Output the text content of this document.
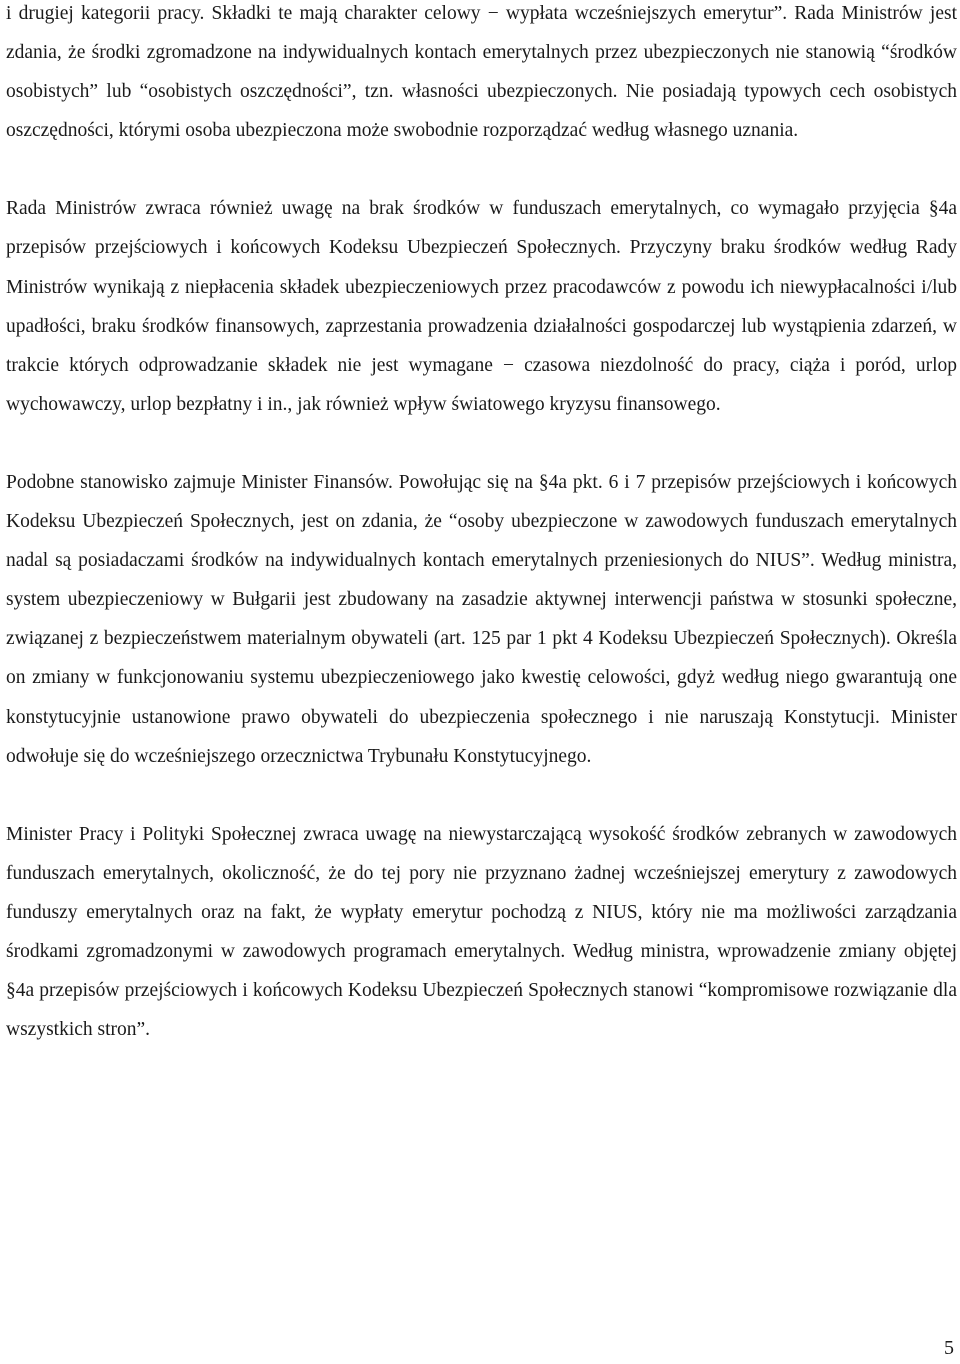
i drugiej kategorii pracy. Składki te mają charakter celowy − wypłata wcześniejszych emerytur”. Rada Ministrów jest zdania, że środki zgromadzone na indywidualnych kontach emerytalnych przez ubezpieczonych nie stanowią “środków osobistych” lub “osobistych oszczędności”, tzn. własności ubezpieczonych. Nie posiadają typowych cech osobistych oszczędności, którymi osoba ubezpieczona może swobodnie rozporządzać według własnego uznania.

Rada Ministrów zwraca również uwagę na brak środków w funduszach emerytalnych, co wymagało przyjęcia §4a przepisów przejściowych i końcowych Kodeksu Ubezpieczeń Społecznych. Przyczyny braku środków według Rady Ministrów wynikają z niepłacenia składek ubezpieczeniowych przez pracodawców z powodu ich niewypłacalności i/lub upadłości, braku środków finansowych, zaprzestania prowadzenia działalności gospodarczej lub wystąpienia zdarzeń, w trakcie których odprowadzanie składek nie jest wymagane − czasowa niezdolność do pracy, ciąża i poród, urlop wychowawczy, urlop bezpłatny i in., jak również wpływ światowego kryzysu finansowego.

Podobne stanowisko zajmuje Minister Finansów. Powołując się na §4a pkt. 6 i 7 przepisów przejściowych i końcowych Kodeksu Ubezpieczeń Społecznych, jest on zdania, że “osoby ubezpieczone w zawodowych funduszach emerytalnych nadal są posiadaczami środków na indywidualnych kontach emerytalnych przeniesionych do NIUS”. Według ministra, system ubezpieczeniowy w Bułgarii jest zbudowany na zasadzie aktywnej interwencji państwa w stosunki społeczne, związanej z bezpieczeństwem materialnym obywateli (art. 125 par 1 pkt 4 Kodeksu Ubezpieczeń Społecznych). Określa on zmiany w funkcjonowaniu systemu ubezpieczeniowego jako kwestię celowości, gdyż według niego gwarantują one konstytucyjnie ustanowione prawo obywateli do ubezpieczenia społecznego i nie naruszają Konstytucji. Minister odwołuje się do wcześniejszego orzecznictwa Trybunału Konstytucyjnego.

Minister Pracy i Polityki Społecznej zwraca uwagę na niewystarczającą wysokość środków zebranych w zawodowych funduszach emerytalnych, okoliczność, że do tej pory nie przyznano żadnej wcześniejszej emerytury z zawodowych funduszy emerytalnych oraz na fakt, że wypłaty emerytur pochodzą z NIUS, który nie ma możliwości zarządzania środkami zgromadzonymi w zawodowych programach emerytalnych. Według ministra, wprowadzenie zmiany objętej §4a przepisów przejściowych i końcowych Kodeksu Ubezpieczeń Społecznych stanowi “kompromisowe rozwiązanie dla wszystkich stron”.

5
